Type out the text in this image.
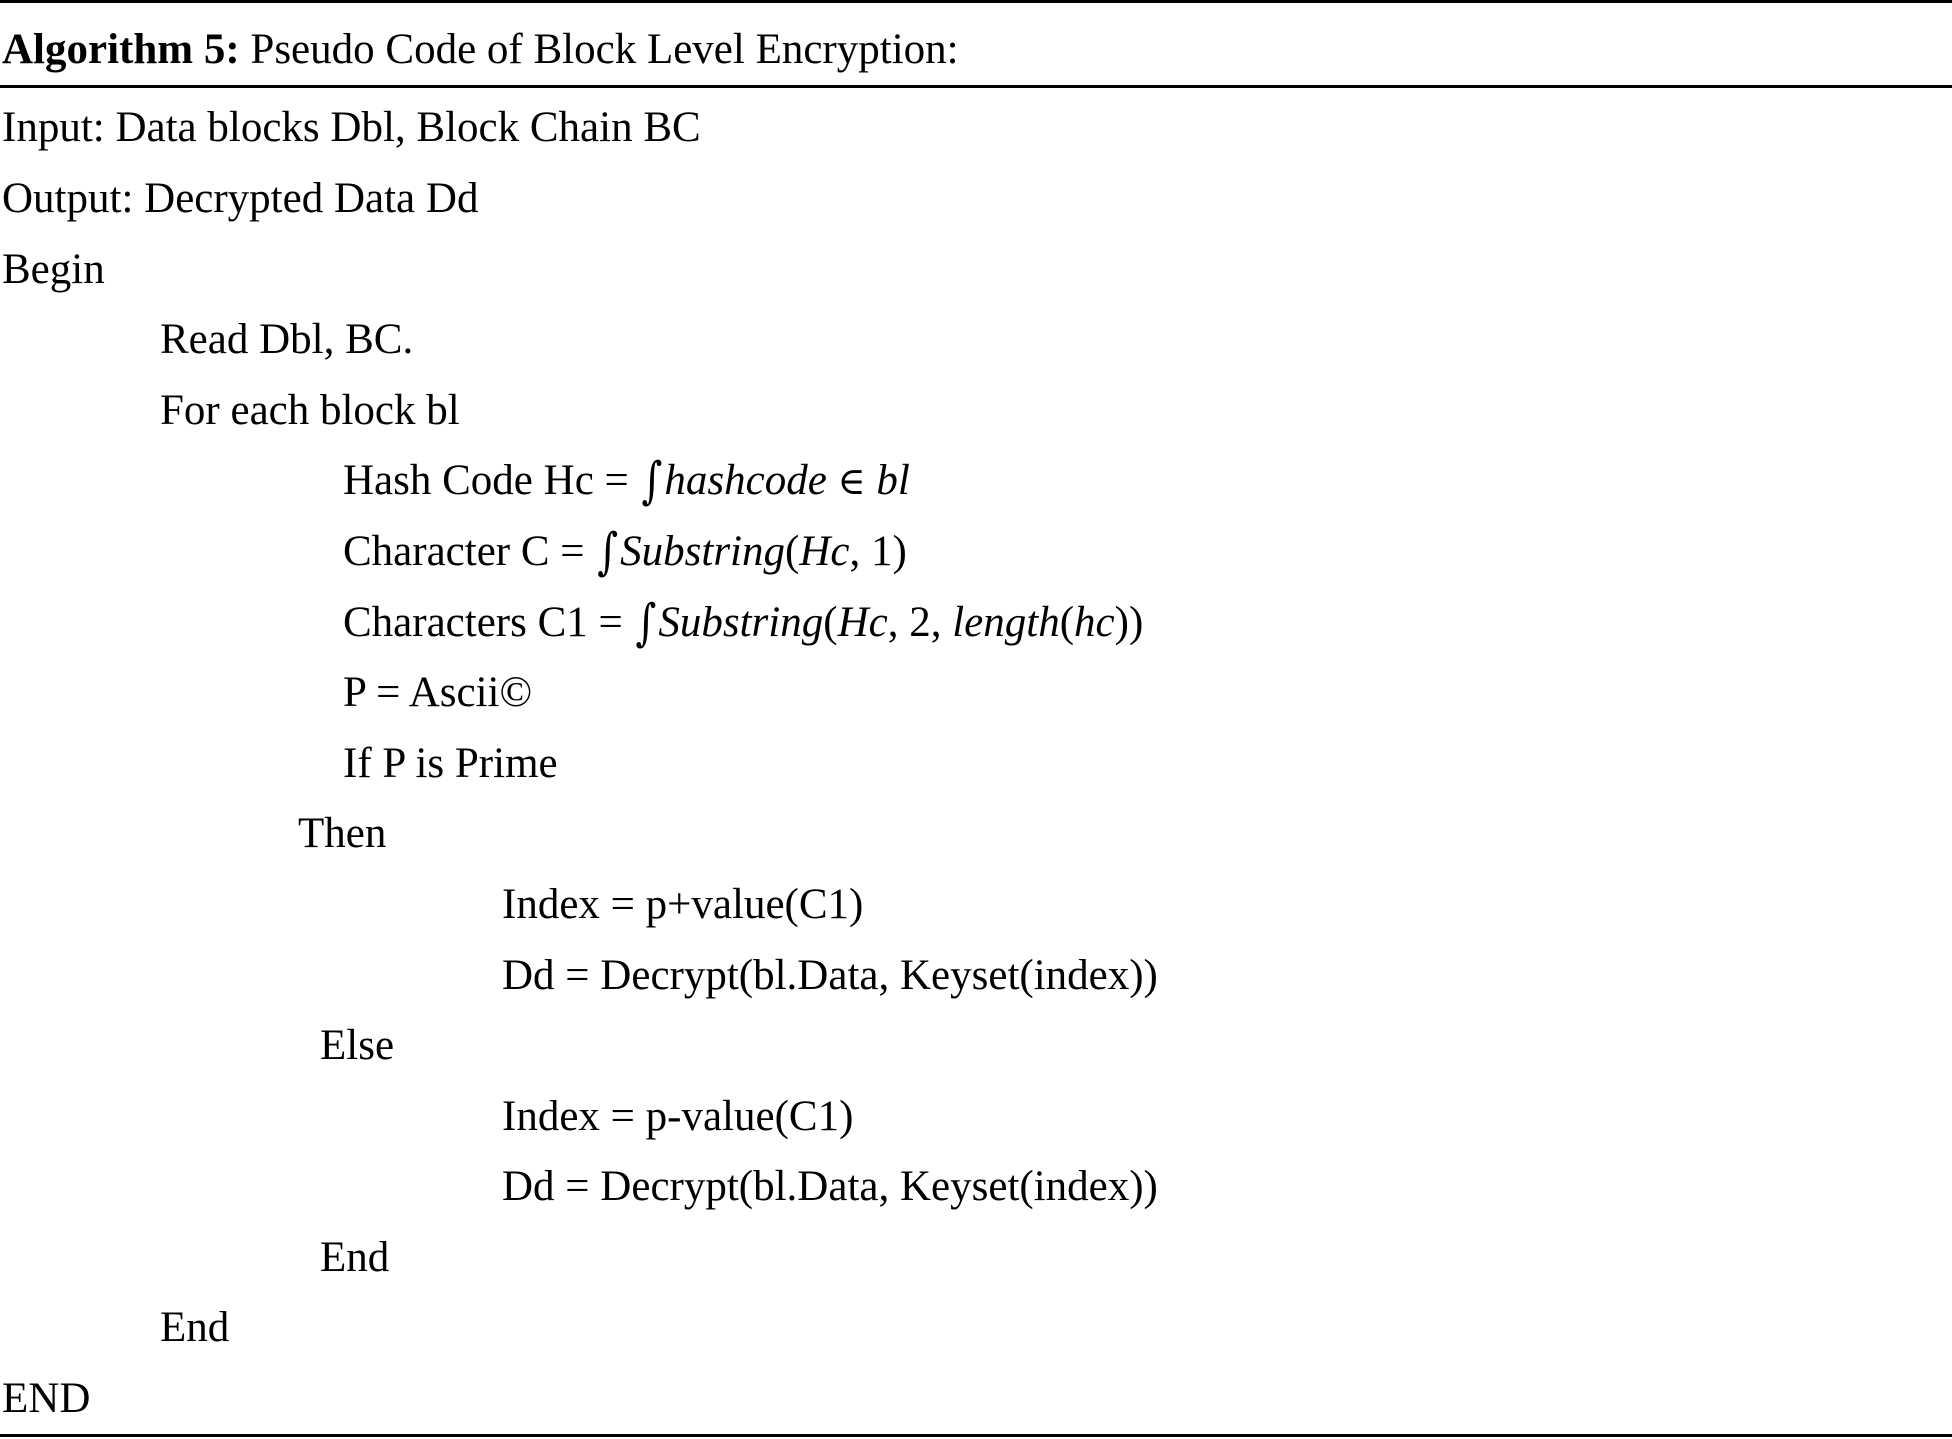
Algorithm 5: Pseudo Code of Block Level Encryption:
Input: Data blocks Dbl, Block Chain BC
Output: Decrypted Data Dd
Begin
Read Dbl, BC.
For each block bl
Hash Code Hc = ∫hashcode ∈ bl
Character C = ∫Substring(Hc, 1)
Characters C1 = ∫Substring(Hc, 2, length(hc))
P = Ascii©
If P is Prime
Then
Index = p+value(C1)
Dd = Decrypt(bl.Data, Keyset(index))
Else
Index = p-value(C1)
Dd = Decrypt(bl.Data, Keyset(index))
End
End
END
